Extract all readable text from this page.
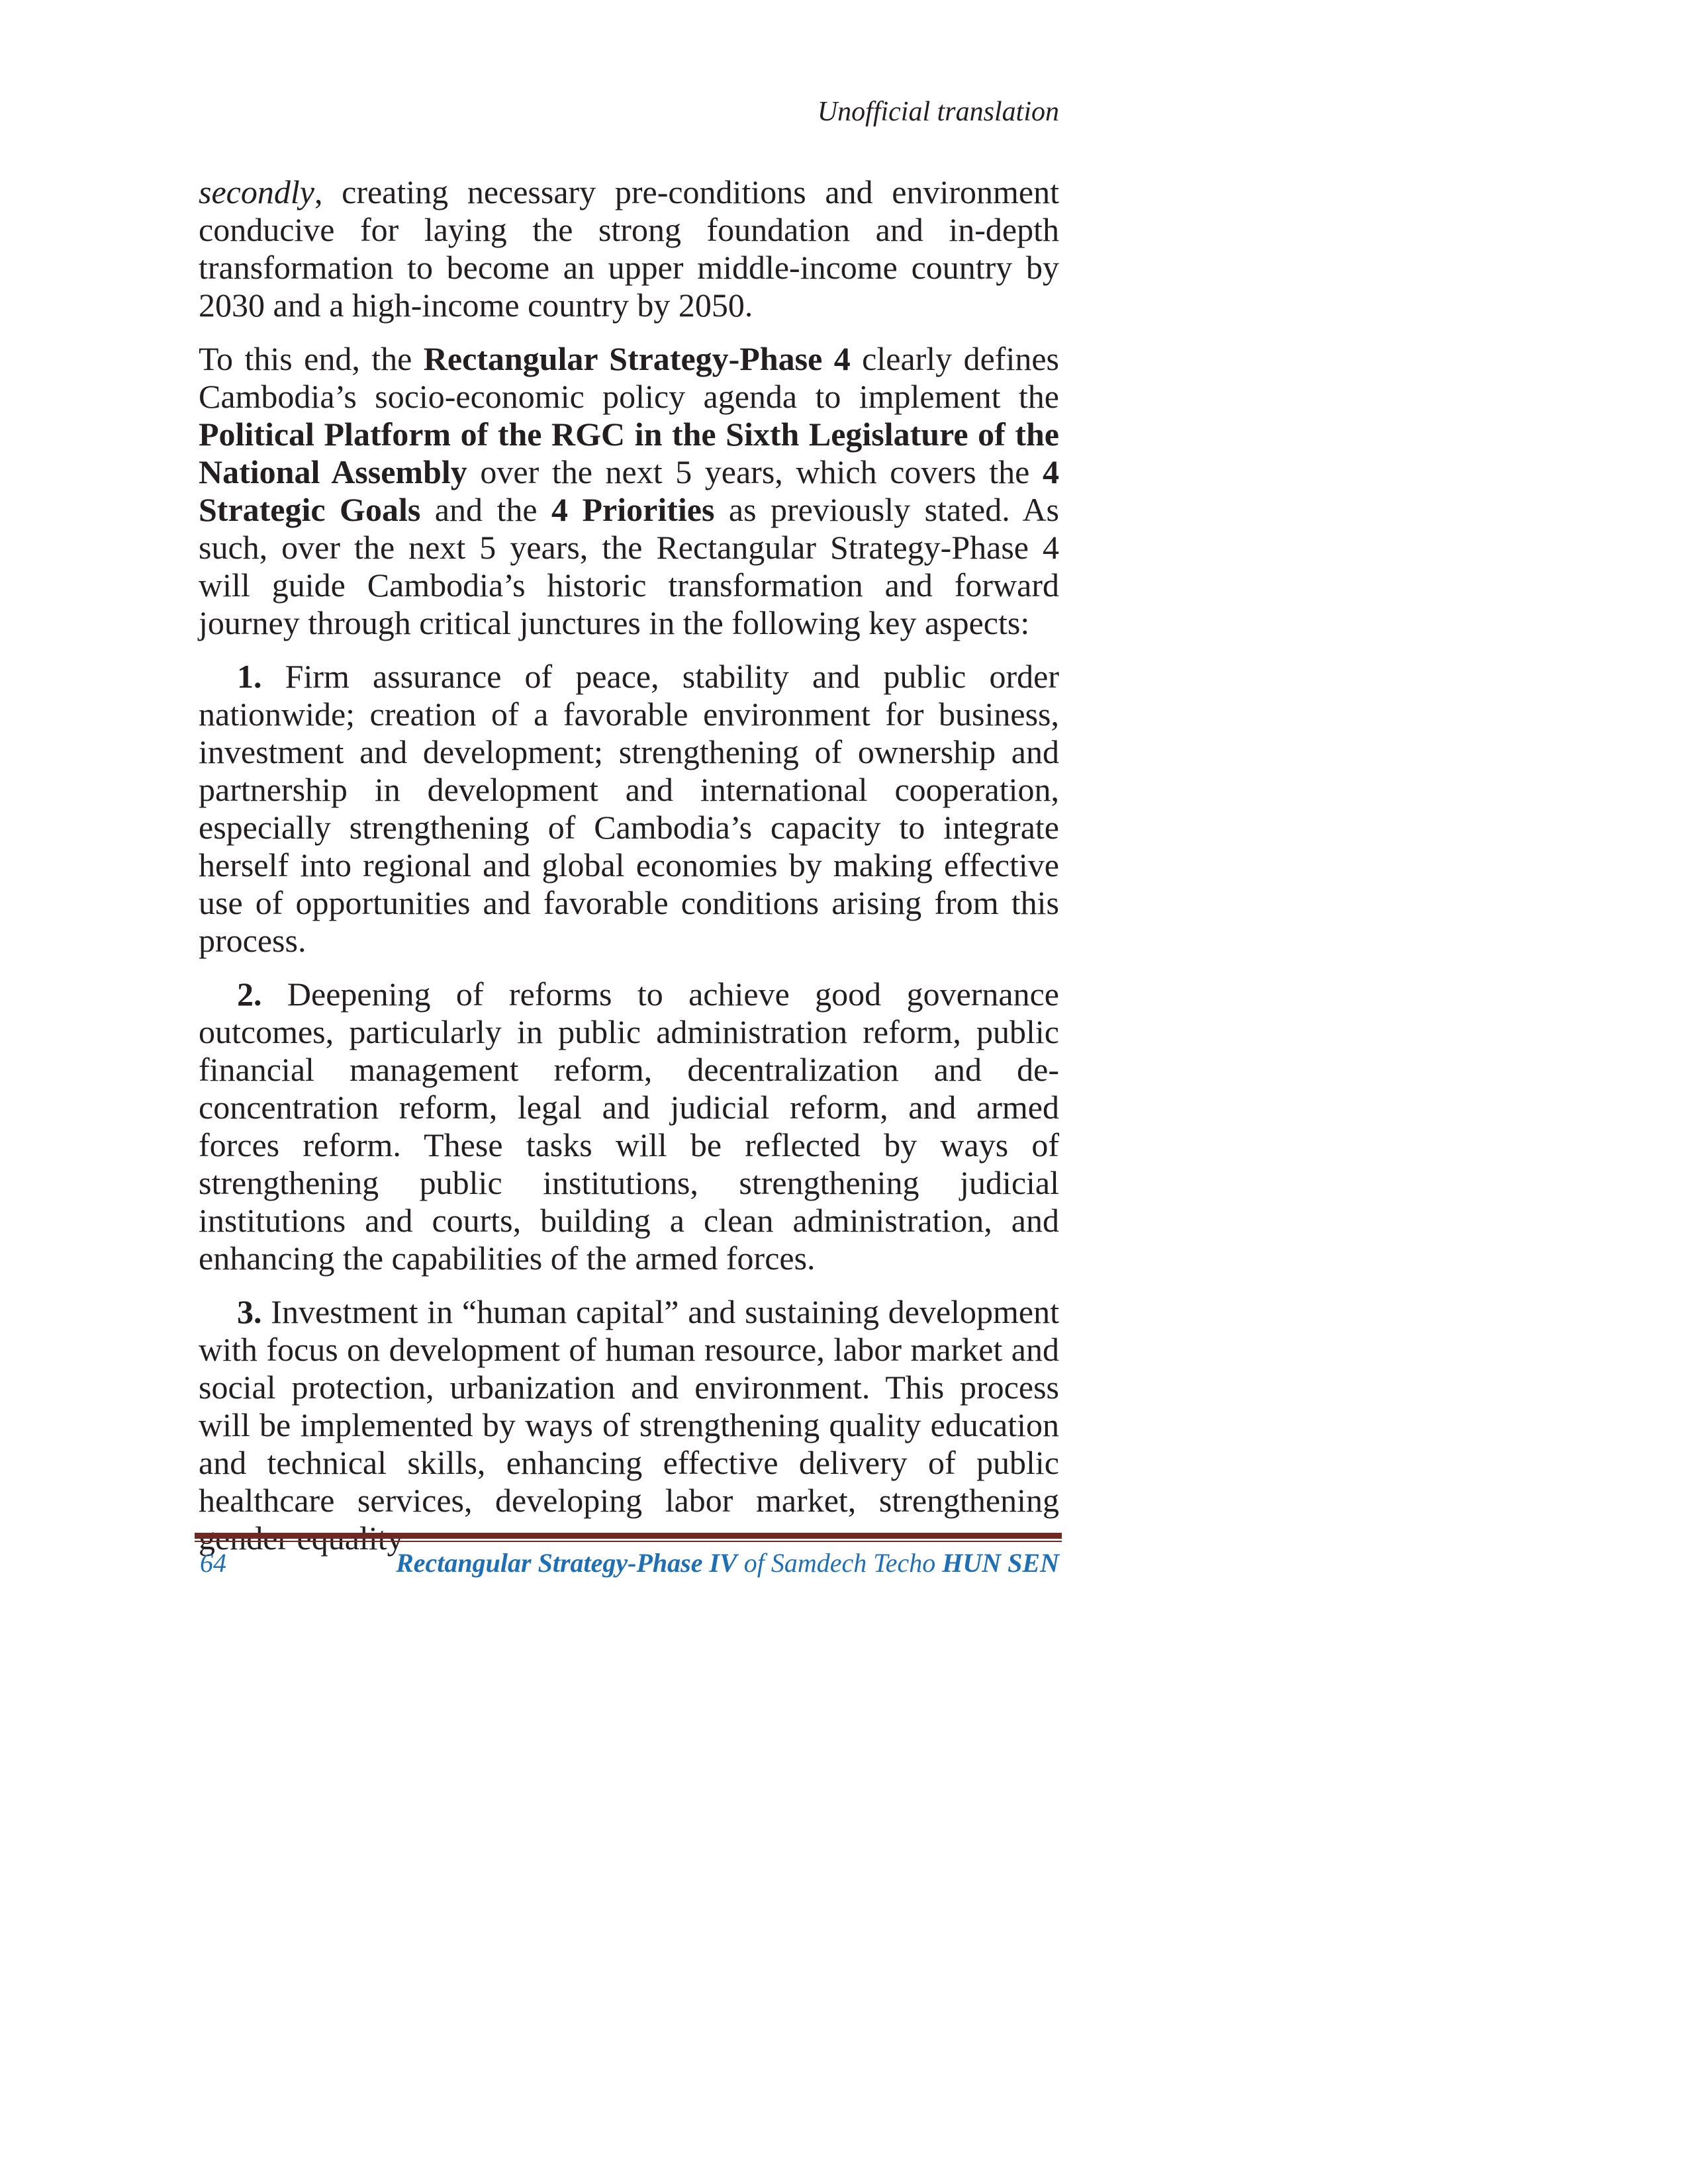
Unofficial translation

secondly, creating necessary pre-conditions and environment conducive for laying the strong foundation and in-depth transformation to become an upper middle-income country by 2030 and a high-income country by 2050.

To this end, the Rectangular Strategy-Phase 4 clearly defines Cambodia’s socio-economic policy agenda to implement the Political Platform of the RGC in the Sixth Legislature of the National Assembly over the next 5 years, which covers the 4 Strategic Goals and the 4 Priorities as previously stated. As such, over the next 5 years, the Rectangular Strategy-Phase 4 will guide Cambodia’s historic transformation and forward journey through critical junctures in the following key aspects:

1. Firm assurance of peace, stability and public order nationwide; creation of a favorable environment for business, investment and development; strengthening of ownership and partnership in development and international cooperation, especially strengthening of Cambodia’s capacity to integrate herself into regional and global economies by making effective use of opportunities and favorable conditions arising from this process.

2. Deepening of reforms to achieve good governance outcomes, particularly in public administration reform, public financial management reform, decentralization and de-concentration reform, legal and judicial reform, and armed forces reform. These tasks will be reflected by ways of strengthening public institutions, strengthening judicial institutions and courts, building a clean administration, and enhancing the capabilities of the armed forces.

3. Investment in “human capital” and sustaining development with focus on development of human resource, labor market and social protection, urbanization and environment. This process will be implemented by ways of strengthening quality education and technical skills, enhancing effective delivery of public healthcare services, developing labor market, strengthening

64	Rectangular Strategy-Phase IV of Samdech Techo HUN SEN
